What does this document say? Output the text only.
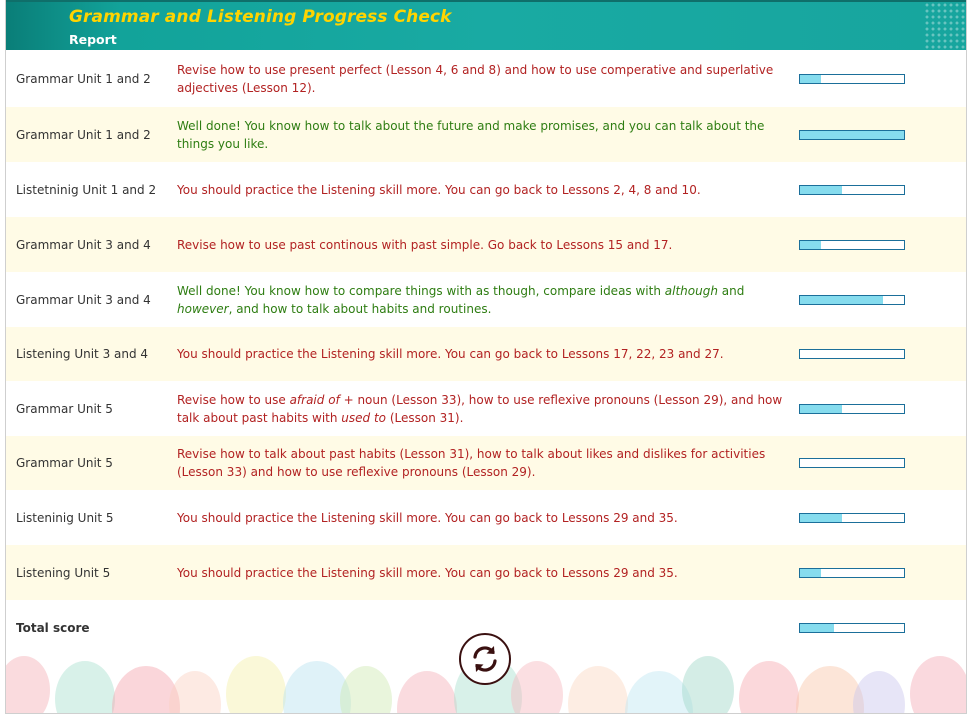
Grammar and Listening Progress Check
Report
Grammar Unit 1 and 2
Revise how to use present perfect (Lesson 4, 6 and 8) and how to use comperative and superlative adjectives (Lesson 12).
Grammar Unit 1 and 2
Well done! You know how to talk about the future and make promises, and you can talk about the things you like.
Listetninig Unit 1 and 2 You should practice the Listening skill more. You can go back to Lessons 2, 4, 8 and 10.
Grammar Unit 3 and 4 Revise how to use past continous with past simple. Go back to Lessons 15 and 17.
Grammar Unit 3 and 4
Well done! You know how to compare things with as though, compare ideas with although and however, and how to talk about habits and routines.
Listening Unit 3 and 4 You should practice the Listening skill more. You can go back to Lessons 17, 22, 23 and 27.
Grammar Unit 5
Revise how to use afraid of + noun (Lesson 33), how to use reflexive pronouns (Lesson 29), and how talk about past habits with used to (Lesson 31).
Grammar Unit 5
Revise how to talk about past habits (Lesson 31), how to talk about likes and dislikes for activities (Lesson 33) and how to use reflexive pronouns (Lesson 29).
Listeninig Unit 5	You should practice the Listening skill more. You can go back to Lessons 29 and 35.
Listening Unit 5	You should practice the Listening skill more. You can go back to Lessons 29 and 35.
Total score
